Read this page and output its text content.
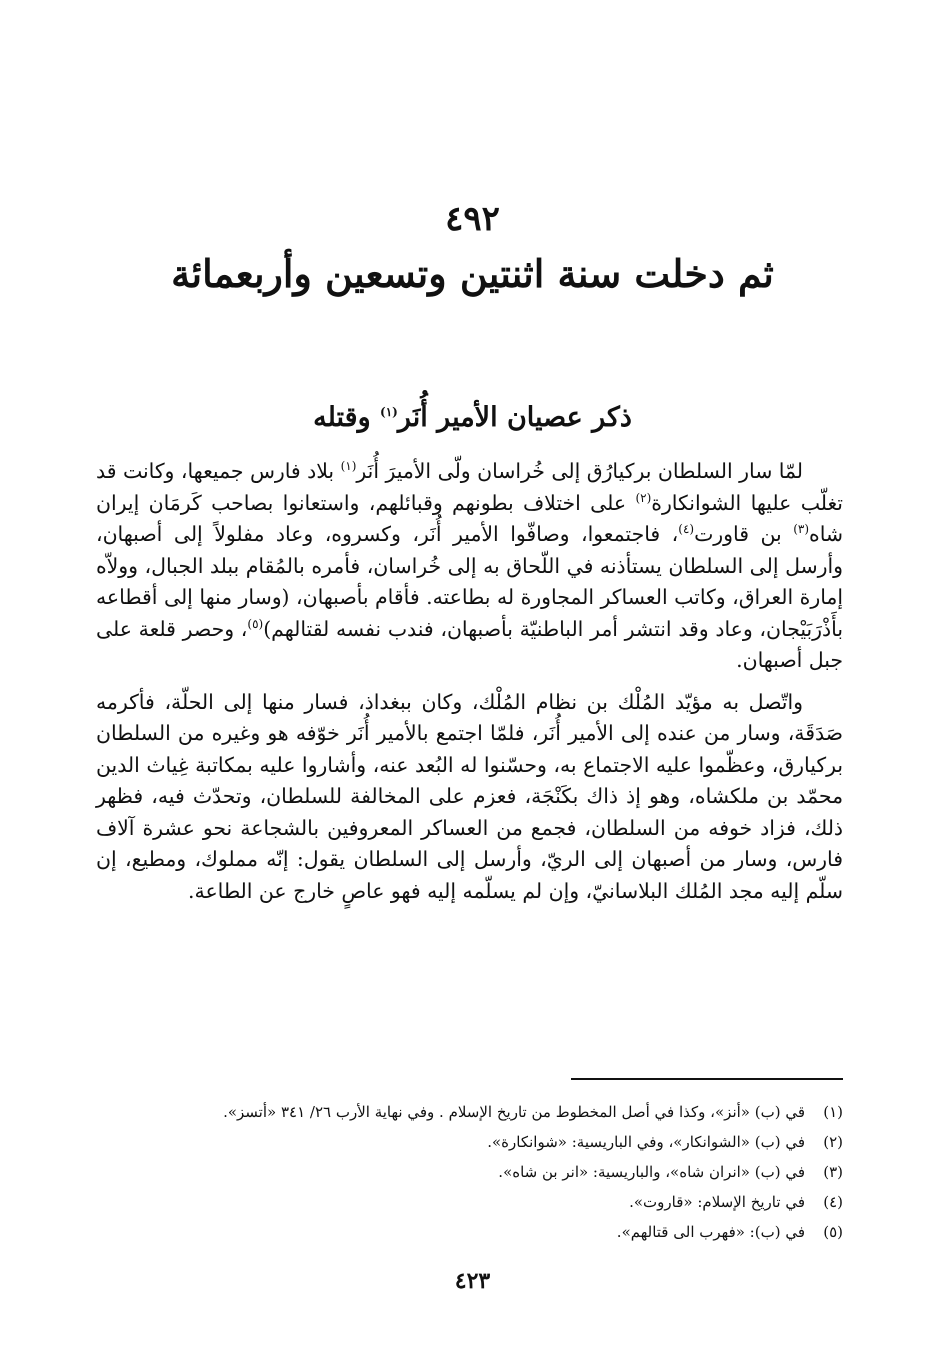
٤٩٢
ثم دخلت سنة اثنتين وتسعين وأربعمائة
ذكر عصيان الأمير أُنَر$^{(١)}$ وقتله

لمّا سار السلطان بركيارُق إلى خُراسان ولّى الأميرَ أُنَر$^{(١)}$ بلاد فارس جميعها، وكانت قد تغلّب عليها الشوانكارة$^{(٢)}$ على اختلاف بطونهم وقبائلهم، واستعانوا بصاحب كَرمَان إيران شاه$^{(٣)}$ بن قاورت$^{(٤)}$، فاجتمعوا، وصافّوا الأمير أُنَر، وكسروه، وعاد مفلولاً إلى أصبهان، وأرسل إلى السلطان يستأذنه في اللّحاق به إلى خُراسان، فأمره بالمُقام ببلد الجبال، وولاّه إمارة العراق، وكاتب العساكر المجاورة له بطاعته. فأقام بأصبهان، (وسار منها إلى أقطاعه بأَذْرَبَيْجان، وعاد وقد انتشر أمر الباطنيّة بأصبهان، فندب نفسه لقتالهم)$^{(٥)}$، وحصر قلعة على جبل أصبهان.

واتّصل به مؤيّد المُلْك بن نظام المُلْك، وكان ببغداذ، فسار منها إلى الحلّة، فأكرمه صَدَقَة، وسار من عنده إلى الأمير أُنَر، فلمّا اجتمع بالأمير أُنَر خوّفه هو وغيره من السلطان بركيارق، وعظّموا عليه الاجتماع به، وحسّنوا له البُعد عنه، وأشاروا عليه بمكاتبة غِياث الدين محمّد بن ملكشاه، وهو إذ ذاك بكَنْجَة، فعزم على المخالفة للسلطان، وتحدّث فيه، فظهر ذلك، فزاد خوفه من السلطان، فجمع من العساكر المعروفين بالشجاعة نحو عشرة آلاف فارس، وسار من أصبهان إلى الريّ، وأرسل إلى السلطان يقول: إنّه مملوك، ومطيع، إن سلّم إليه مجد المُلك البلاسانيّ، وإن لم يسلّمه إليه فهو عاصٍ خارج عن الطاعة.

(١)
قي (ب) «أنز»، وكذا في أصل المخطوط من تاريخ الإسلام . وفي نهاية الأرب ٢٦/ ٣٤١ «أتسز».
(٢)
في (ب) «الشوانكار»، وفي الباريسية: «شوانكارة».
(٣)
في (ب) «انران شاه»، والباريسية: «انر بن شاه».
(٤)
في تاريخ الإسلام: «قاروت».
(٥)
في (ب): «فهرب الى قتالهم».
٤٢٣
